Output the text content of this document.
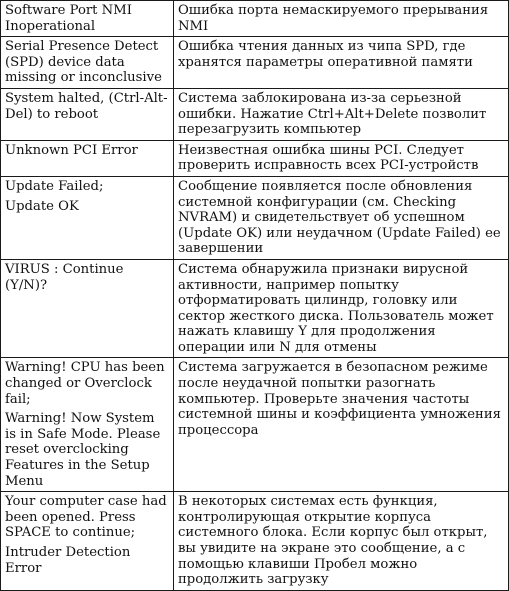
Software Port NMI Inoperational	Ошибка порта немаскируемого прерывания NMI

Serial Presence Detect (SPD) device data missing or inconclusive	Ошибка чтения данных из чипа SPD, где хранятся параметры оперативной памяти

System halted, (Ctrl-Alt-Del) to reboot	Система заблокирована из-за серьезной ошибки. Нажатие Ctrl+Alt+Delete позволит перезагрузить компьютер

Unknown PCI Error	Неизвестная ошибка шины PCI. Следует проверить исправность всех PCI-устройств

Update Failed;
Update OK	Сообщение появляется после обновления системной конфигурации (см. Checking NVRAM) и свидетельствует об успешном (Update OK) или неудачном (Update Failed) ее завершении

VIRUS : Continue (Y/N)?	Система обнаружила признаки вирусной активности, например попытку отформатировать цилиндр, головку или сектор жесткого диска. Пользователь может нажать клавишу Y для продолжения операции или N для отмены

Warning! CPU has been changed or Overclock fail;
Warning! Now System is in Safe Mode. Please reset overclocking Features in the Setup Menu	Система загружается в безопасном режиме после неудачной попытки разогнать компьютер. Проверьте значения частоты системной шины и коэффициента умножения процессора

Your computer case had been opened. Press SPACE to continue;
Intruder Detection Error	В некоторых системах есть функция, контролирующая открытие корпуса системного блока. Если корпус был открыт, вы увидите на экране это сообщение, а с помощью клавиши Пробел можно продолжить загрузку
